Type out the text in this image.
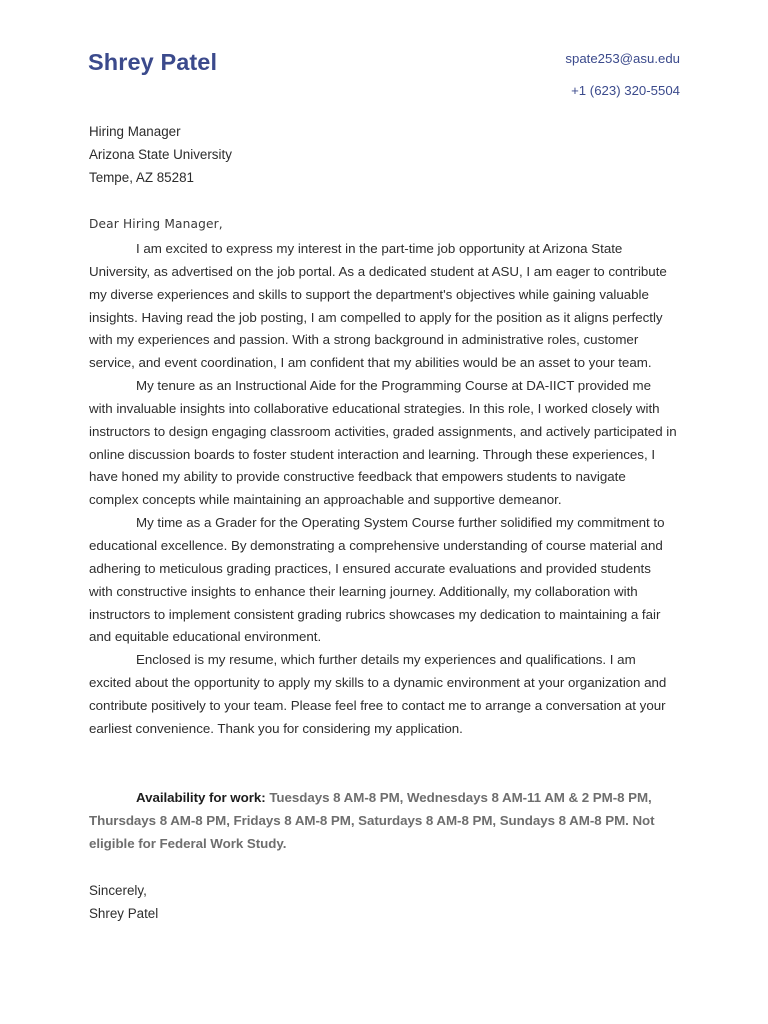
Shrey Patel	spate253@asu.edu
+1 (623) 320-5504
Hiring Manager
Arizona State University
Tempe, AZ 85281
Dear Hiring Manager,

I am excited to express my interest in the part-time job opportunity at Arizona State University, as advertised on the job portal. As a dedicated student at ASU, I am eager to contribute my diverse experiences and skills to support the department's objectives while gaining valuable insights. Having read the job posting, I am compelled to apply for the position as it aligns perfectly with my experiences and passion. With a strong background in administrative roles, customer service, and event coordination, I am confident that my abilities would be an asset to your team.

My tenure as an Instructional Aide for the Programming Course at DA-IICT provided me with invaluable insights into collaborative educational strategies. In this role, I worked closely with instructors to design engaging classroom activities, graded assignments, and actively participated in online discussion boards to foster student interaction and learning. Through these experiences, I have honed my ability to provide constructive feedback that empowers students to navigate complex concepts while maintaining an approachable and supportive demeanor.

My time as a Grader for the Operating System Course further solidified my commitment to educational excellence. By demonstrating a comprehensive understanding of course material and adhering to meticulous grading practices, I ensured accurate evaluations and provided students with constructive insights to enhance their learning journey. Additionally, my collaboration with instructors to implement consistent grading rubrics showcases my dedication to maintaining a fair and equitable educational environment.

Enclosed is my resume, which further details my experiences and qualifications. I am excited about the opportunity to apply my skills to a dynamic environment at your organization and contribute positively to your team. Please feel free to contact me to arrange a conversation at your earliest convenience. Thank you for considering my application.

Availability for work: Tuesdays 8 AM-8 PM, Wednesdays 8 AM-11 AM & 2 PM-8 PM, Thursdays 8 AM-8 PM, Fridays 8 AM-8 PM, Saturdays 8 AM-8 PM, Sundays 8 AM-8 PM. Not eligible for Federal Work Study.
Sincerely,
Shrey Patel
